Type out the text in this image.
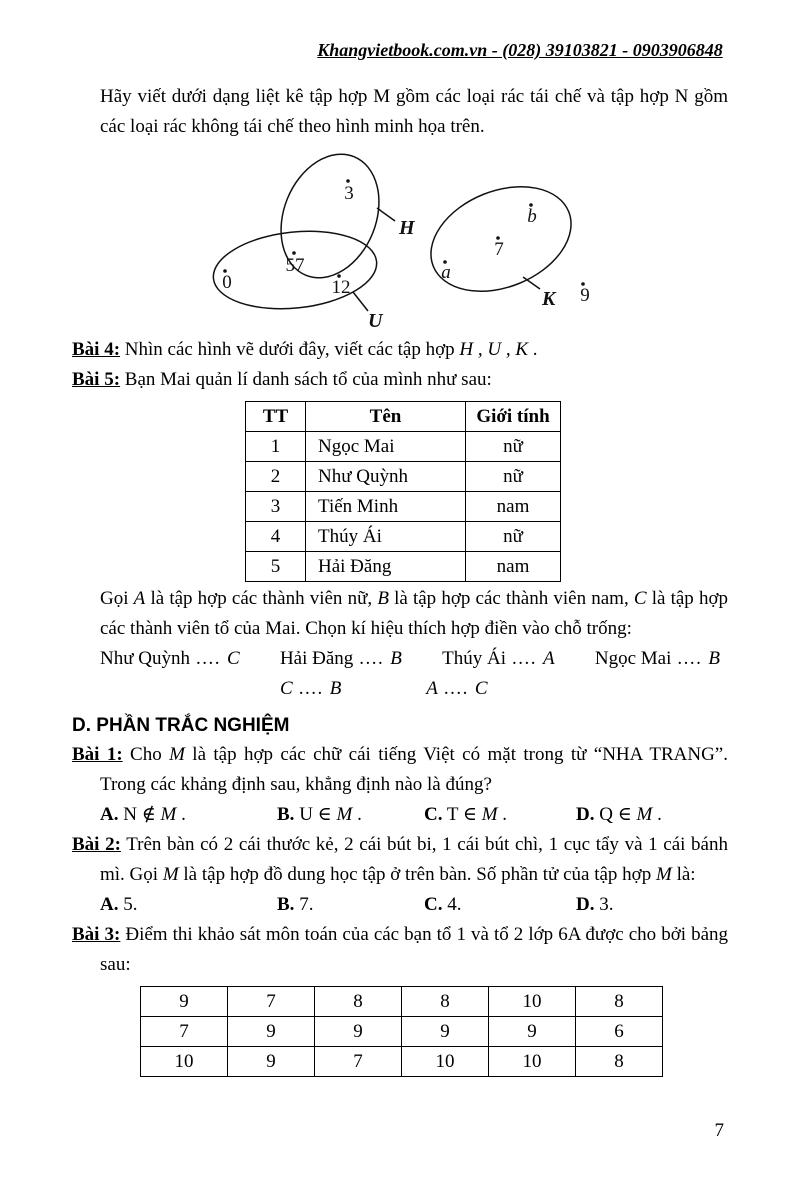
Khangvietbook.com.vn - (028) 39103821 - 0903906848

Hãy viết dưới dạng liệt kê tập hợp M gồm các loại rác tái chế và tập hợp N gồm các loại rác không tái chế theo hình minh họa trên.

3
57
12
0
b
7
a
9
H
U
K

Bài 4: Nhìn các hình vẽ dưới đây, viết các tập hợp H , U , K .

Bài 5: Bạn Mai quản lí danh sách tổ của mình như sau:

TT	Tên	Giới tính
1	Ngọc Mai	nữ
2	Như Quỳnh	nữ
3	Tiến Minh	nam
4	Thúy Ái	nữ
5	Hải Đăng	nam

Gọi A là tập hợp các thành viên nữ, B là tập hợp các thành viên nam, C là tập hợp các thành viên tổ của Mai. Chọn kí hiệu thích hợp điền vào chỗ trống:

Như Quỳnh .... C Hải Đăng .... B Thúy Ái .... A Ngọc Mai .... B
C .... B	A .... C
D. PHẦN TRẮC NGHIỆM

Bài 1: Cho M là tập hợp các chữ cái tiếng Việt có mặt trong từ “NHA TRANG”. Trong các khảng định sau, khẳng định nào là đúng?

A. N ∉ M .	B. U ∈ M .	C. T ∈ M .	D. Q ∈ M .

Bài 2: Trên bàn có 2 cái thước kẻ, 2 cái bút bi, 1 cái bút chì, 1 cục tẩy và 1 cái bánh mì. Gọi M là tập hợp đồ dung học tập ở trên bàn. Số phần tử của tập hợp M là:

A. 5.	B. 7.	C. 4.	D. 3.

Bài 3: Điểm thi khảo sát môn toán của các bạn tổ 1 và tổ 2 lớp 6A được cho bởi bảng sau:

9	7	8	8	10	8
7	9	9	9	9	6
10	9	7	10	10	8
7
